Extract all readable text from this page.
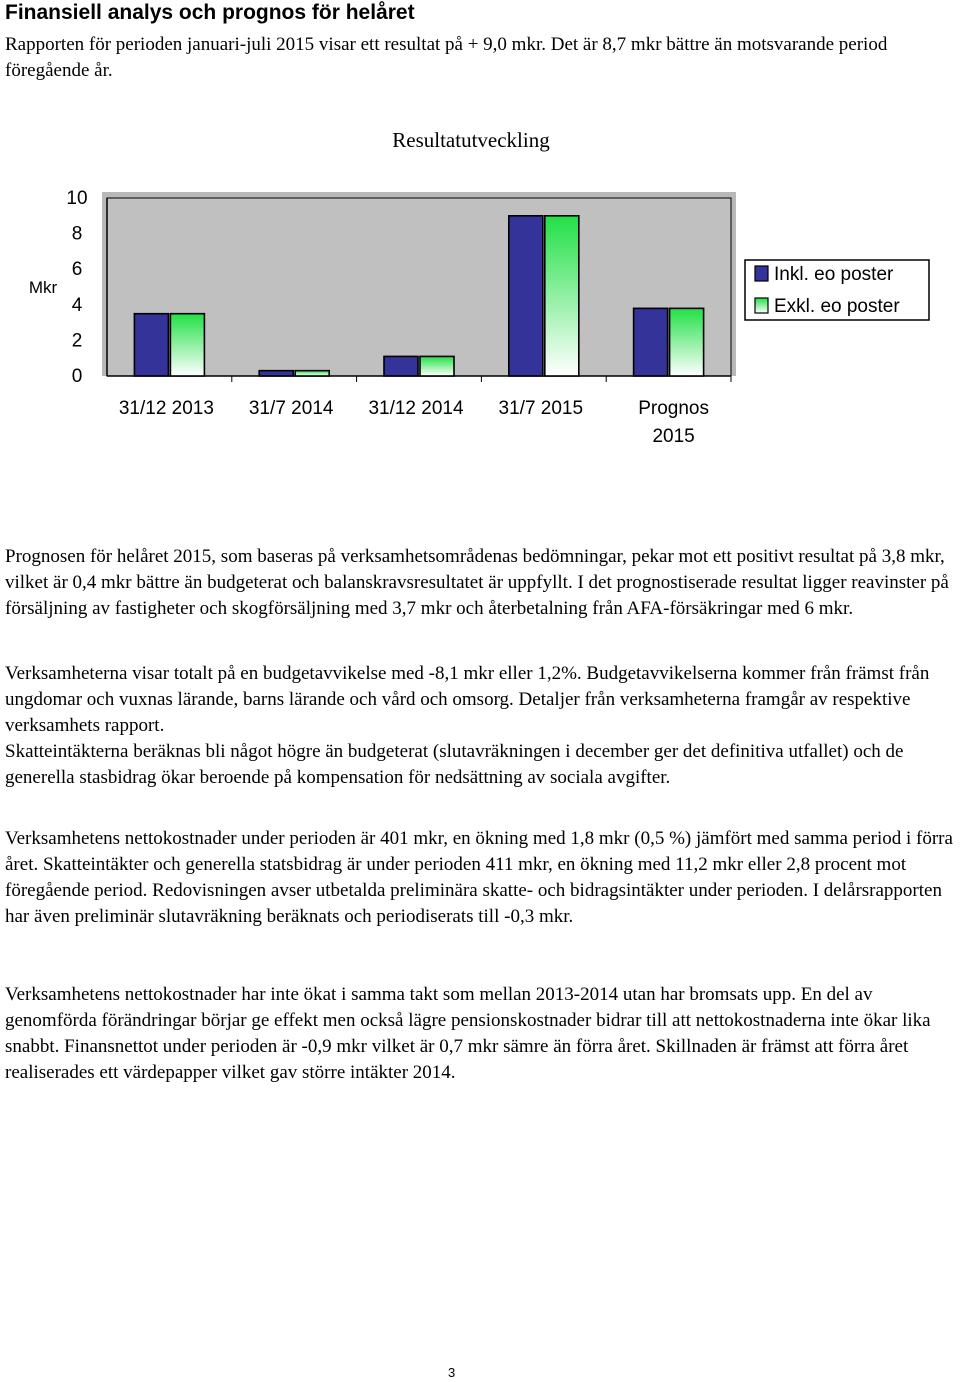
Finansiell analys och prognos för helåret

Rapporten för perioden januari-juli 2015 visar ett resultat på + 9,0 mkr. Det är 8,7 mkr bättre än motsvarande period föregående år.

Resultatutveckling
Mkr
0
2
4
6
8
10
31/12 2013 31/7 2014 31/12 2014 31/7 2015	Prognos
2015
Inkl. eo poster
Exkl. eo poster

Prognosen för helåret 2015, som baseras på verksamhetsområdenas bedömningar, pekar mot ett positivt resultat på 3,8 mkr, vilket är 0,4 mkr bättre än budgeterat och balanskravsresultatet är uppfyllt. I det prognostiserade resultat ligger reavinster på försäljning av fastigheter och skogförsäljning med 3,7 mkr och återbetalning från AFA-försäkringar med 6 mkr.

Verksamheterna visar totalt på en budgetavvikelse med -8,1 mkr eller 1,2%. Budgetavvikelserna kommer från främst från ungdomar och vuxnas lärande, barns lärande och vård och omsorg. Detaljer från verksamheterna framgår av respektive verksamhets rapport.

Skatteintäkterna beräknas bli något högre än budgeterat (slutavräkningen i december ger det definitiva utfallet) och de generella stasbidrag ökar beroende på kompensation för nedsättning av sociala avgifter.

Verksamhetens nettokostnader under perioden är 401 mkr, en ökning med 1,8 mkr (0,5 %) jämfört med samma period i förra året. Skatteintäkter och generella statsbidrag är under perioden 411 mkr, en ökning med 11,2 mkr eller 2,8 procent mot föregående period. Redovisningen avser utbetalda preliminära skatte- och bidragsintäkter under perioden. I delårsrapporten har även preliminär slutavräkning beräknats och periodiserats till -0,3 mkr.

Verksamhetens nettokostnader har inte ökat i samma takt som mellan 2013-2014 utan har bromsats upp. En del av genomförda förändringar börjar ge effekt men också lägre pensionskostnader bidrar till att nettokostnaderna inte ökar lika snabbt. Finansnettot under perioden är -0,9 mkr vilket är 0,7 mkr sämre än förra året. Skillnaden är främst att förra året realiserades ett värdepapper vilket gav större intäkter 2014.

3
